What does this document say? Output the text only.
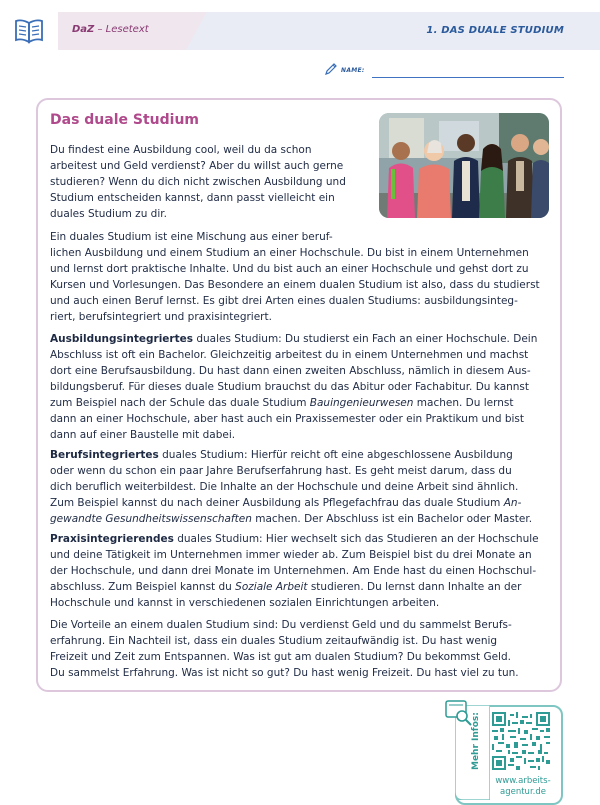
DaZ – Lesetext	1. DAS DUALE STUDIUM
NAME:
Das duale Studium
Du findest eine Ausbildung cool, weil du da schon
arbeitest und Geld verdienst? Aber du willst auch gerne
studieren? Wenn du dich nicht zwischen Ausbildung und
Studium entscheiden kannst, dann passt vielleicht ein
duales Studium zu dir.
Ein duales Studium ist eine Mischung aus einer beruf-
lichen Ausbildung und einem Studium an einer Hochschule. Du bist in einem Unternehmen
und lernst dort praktische Inhalte. Und du bist auch an einer Hochschule und gehst dort zu
Kursen und Vorlesungen. Das Besondere an einem dualen Studium ist also, dass du studierst
und auch einen Beruf lernst. Es gibt drei Arten eines dualen Studiums: ausbildungsinteg-
riert, berufsintegriert und praxisintegriert.
Ausbildungsintegriertes duales Studium: Du studierst ein Fach an einer Hochschule. Dein
Abschluss ist oft ein Bachelor. Gleichzeitig arbeitest du in einem Unternehmen und machst
dort eine Berufsausbildung. Du hast dann einen zweiten Abschluss, nämlich in diesem Aus-
bildungsberuf. Für dieses duale Studium brauchst du das Abitur oder Fachabitur. Du kannst
zum Beispiel nach der Schule das duale Studium Bauingenieurwesen machen. Du lernst
dann an einer Hochschule, aber hast auch ein Praxissemester oder ein Praktikum und bist
dann auf einer Baustelle mit dabei.
Berufsintegriertes duales Studium: Hierfür reicht oft eine abgeschlossene Ausbildung
oder wenn du schon ein paar Jahre Berufserfahrung hast. Es geht meist darum, dass du
dich beruflich weiterbildest. Die Inhalte an der Hochschule und deine Arbeit sind ähnlich.
Zum Beispiel kannst du nach deiner Ausbildung als Pflegefachfrau das duale Studium An-
gewandte Gesundheitswissenschaften machen. Der Abschluss ist ein Bachelor oder Master.
Praxisintegrierendes duales Studium: Hier wechselt sich das Studieren an der Hochschule
und deine Tätigkeit im Unternehmen immer wieder ab. Zum Beispiel bist du drei Monate an
der Hochschule, und dann drei Monate im Unternehmen. Am Ende hast du einen Hochschul-
abschluss. Zum Beispiel kannst du Soziale Arbeit studieren. Du lernst dann Inhalte an der
Hochschule und kannst in verschiedenen sozialen Einrichtungen arbeiten.
Die Vorteile an einem dualen Studium sind: Du verdienst Geld und du sammelst Berufs-
erfahrung. Ein Nachteil ist, dass ein duales Studium zeitaufwändig ist. Du hast wenig
Freizeit und Zeit zum Entspannen. Was ist gut am dualen Studium? Du bekommst Geld.
Du sammelst Erfahrung. Was ist nicht so gut? Du hast wenig Freizeit. Du hast viel zu tun.
Mehr Infos:
www.arbeits-
agentur.de
